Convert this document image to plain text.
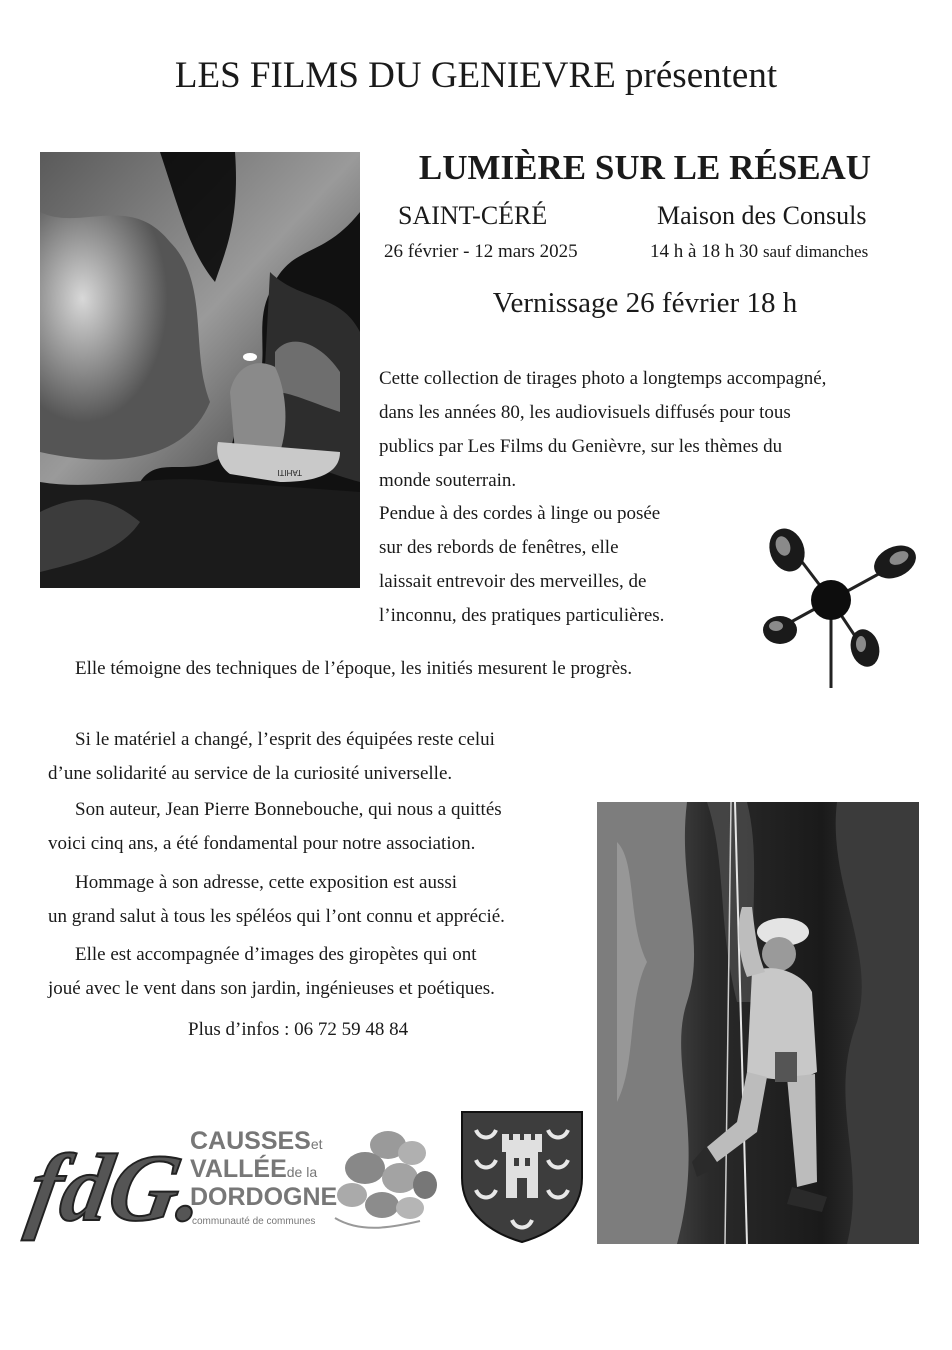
LES FILMS DU GENIEVRE présentent
LUMIÈRE SUR LE RÉSEAU
SAINT-CÉRÉ	Maison des Consuls
26 février - 12 mars 2025	14 h à 18 h 30 sauf dimanches
Vernissage 26 février 18 h
TAHITI
Cette collection de tirages photo a longtemps accompagné,
dans les années 80, les audiovisuels diffusés pour tous
publics par Les Films du Genièvre, sur les thèmes du
monde souterrain.
Pendue à des cordes à linge ou posée
sur des rebords de fenêtres, elle
laissait entrevoir des merveilles, de
l’inconnu, des pratiques particulières.
Elle témoigne des techniques de l’époque, les initiés mesurent le progrès.
Si le matériel a changé, l’esprit des équipées reste celui
d’une solidarité au service de la curiosité universelle.
Son auteur, Jean Pierre Bonnebouche, qui nous a quittés
voici cinq ans, a été fondamental pour notre association.
Hommage à son adresse, cette exposition est aussi
un grand salut à tous les spéléos qui l’ont connu et apprécié.
Elle est accompagnée d’images des giropètes qui ont
joué avec le vent dans son jardin, ingénieuses et poétiques.
Plus d’infos : 06 72 59 48 84
fdG.
CAUSSESet
VALLÉEde la
DORDOGNE
communauté de communes
